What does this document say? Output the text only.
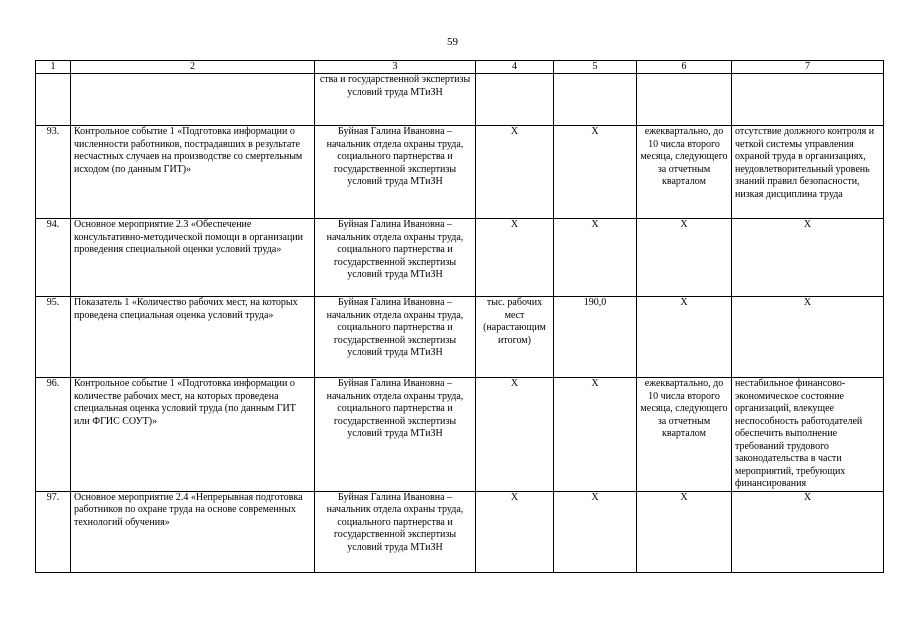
59
1	2	3	4	5	6	7
		ства и государственной экспертизы условий труда МТиЗН				
93.	Контрольное событие 1 «Подготовка информации о численности работников, пострадавших в результате несчастных случаев на производстве со смертельным исходом (по данным ГИТ)»	Буйная Галина Ивановна – начальник отдела охраны труда, социального партнерства и государственной экспертизы условий труда МТиЗН	X	X	ежеквартально, до 10 числа второго месяца, следующего за отчетным кварталом	отсутствие должного контроля и четкой системы управления охраной труда в организациях, неудовлетворительный уровень знаний правил безопасности, низкая дисциплина труда
94.	Основное мероприятие 2.3 «Обеспечение консультативно-методической помощи в организации проведения специальной оценки условий труда»	Буйная Галина Ивановна – начальник отдела охраны труда, социального партнерства и государственной экспертизы условий труда МТиЗН	X	X	X	X
95.	Показатель 1 «Количество рабочих мест, на которых проведена специальная оценка условий труда»	Буйная Галина Ивановна – начальник отдела охраны труда, социального партнерства и государственной экспертизы условий труда МТиЗН	тыс. рабочих мест (нарастающим итогом)	190,0	X	X
96.	Контрольное событие 1 «Подготовка информации о количестве рабочих мест, на которых проведена специальная оценка условий труда (по данным ГИТ или ФГИС СОУТ)»	Буйная Галина Ивановна – начальник отдела охраны труда, социального партнерства и государственной экспертизы условий труда МТиЗН	X	X	ежеквартально, до 10 числа второго месяца, следующего за отчетным кварталом	нестабильное финансово-экономическое состояние организаций, влекущее неспособность работодателей обеспечить выполнение требований трудового законодательства в части мероприятий, требующих финансирования
97.	Основное мероприятие 2.4 «Непрерывная подготовка работников по охране труда на основе современных технологий обучения»	Буйная Галина Ивановна – начальник отдела охраны труда, социального партнерства и государственной экспертизы условий труда МТиЗН	X	X	X	X
